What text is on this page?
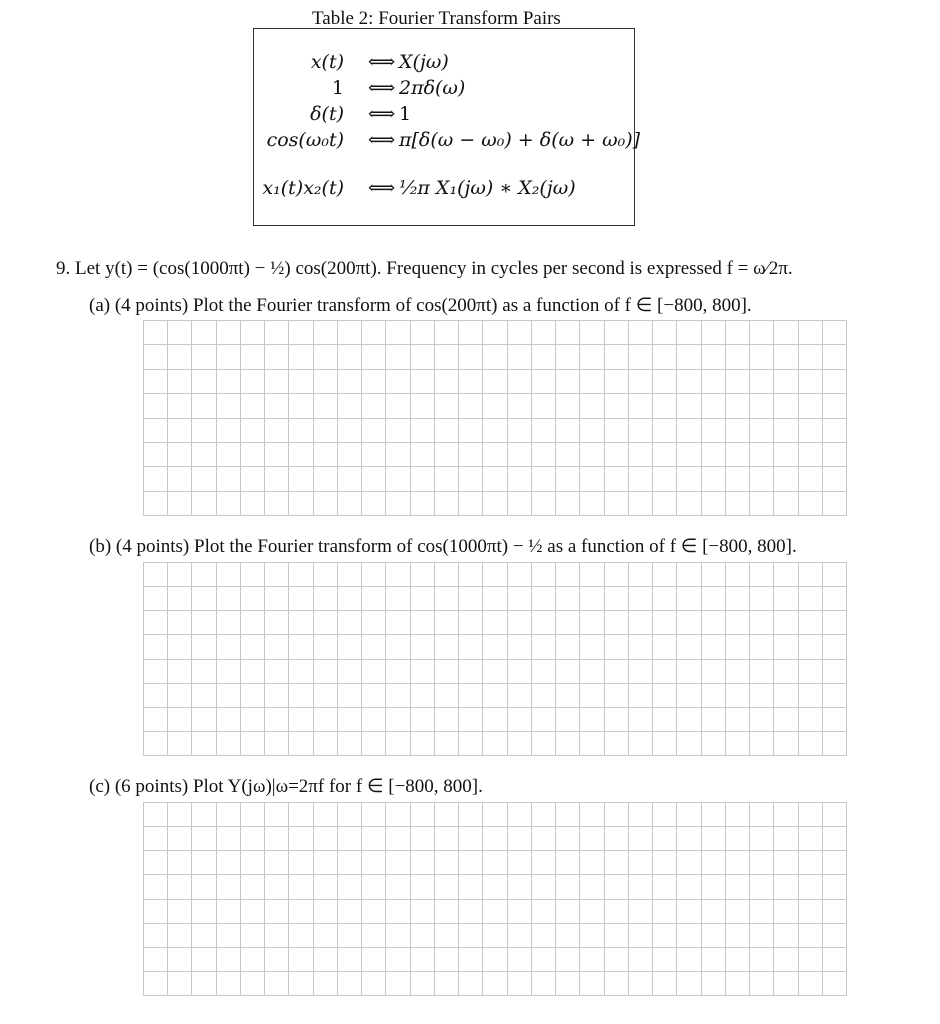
Table 2: Fourier Transform Pairs
x(t) ⟺ X(jω)
1 ⟺ 2πδ(ω)
δ(t) ⟺ 1
cos(ω₀t) ⟺ π[δ(ω − ω₀) + δ(ω + ω₀)]
x₁(t)x₂(t) ⟺ ¹⁄₂π X₁(jω) ∗ X₂(jω)
9. Let y(t) = (cos(1000πt) − ½) cos(200πt). Frequency in cycles per second is expressed f = ω⁄2π.
(a) (4 points) Plot the Fourier transform of cos(200πt) as a function of f ∈ [−800, 800].
(b) (4 points) Plot the Fourier transform of cos(1000πt) − ½ as a function of f ∈ [−800, 800].
(c) (6 points) Plot Y(jω)|ω=2πf for f ∈ [−800, 800].
